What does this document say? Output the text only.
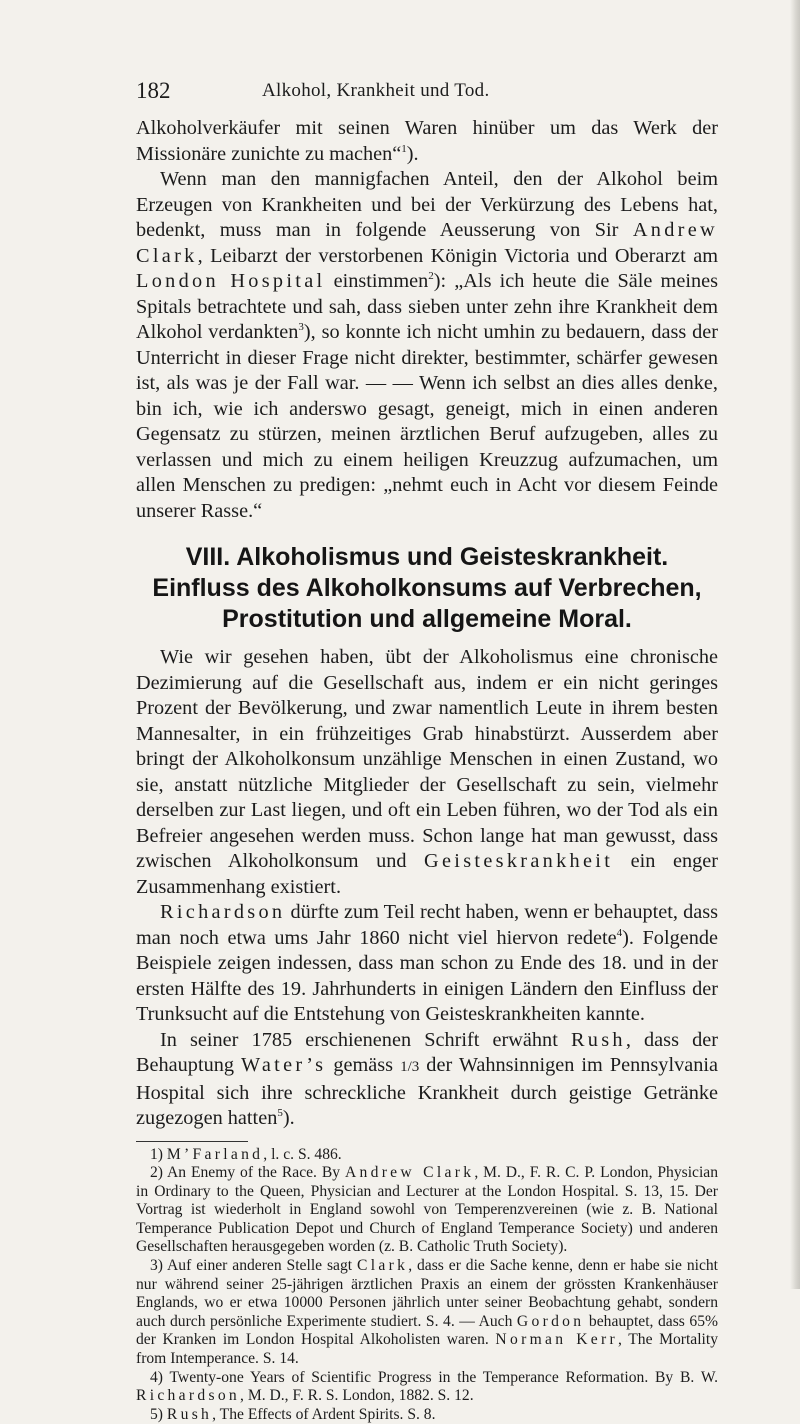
182	Alkohol, Krankheit und Tod.

Alkoholverkäufer mit seinen Waren hinüber um das Werk der Missionäre zunichte zu machen“$^1$).

Wenn man den mannigfachen Anteil, den der Alkohol beim Erzeugen von Krankheiten und bei der Verkürzung des Lebens hat, bedenkt, muss man in folgende Aeusserung von Sir Andrew Clark, Leibarzt der verstorbenen Königin Victoria und Oberarzt am London Hospital einstimmen$^2$): „Als ich heute die Säle meines Spitals betrachtete und sah, dass sieben unter zehn ihre Krankheit dem Alkohol verdankten$^3$), so konnte ich nicht umhin zu bedauern, dass der Unterricht in dieser Frage nicht direkter, bestimmter, schärfer gewesen ist, als was je der Fall war. — — Wenn ich selbst an dies alles denke, bin ich, wie ich anderswo gesagt, geneigt, mich in einen anderen Gegensatz zu stürzen, meinen ärztlichen Beruf aufzugeben, alles zu verlassen und mich zu einem heiligen Kreuzzug aufzumachen, um allen Menschen zu predigen: „nehmt euch in Acht vor diesem Feinde unserer Rasse.“

VIII. Alkoholismus und Geisteskrankheit. Einfluss des Alkoholkonsums auf Verbrechen, Prostitution und allgemeine Moral.

Wie wir gesehen haben, übt der Alkoholismus eine chronische Dezimierung auf die Gesellschaft aus, indem er ein nicht geringes Prozent der Bevölkerung, und zwar namentlich Leute in ihrem besten Mannesalter, in ein frühzeitiges Grab hinabstürzt. Ausserdem aber bringt der Alkoholkonsum unzählige Menschen in einen Zustand, wo sie, anstatt nützliche Mitglieder der Gesellschaft zu sein, vielmehr derselben zur Last liegen, und oft ein Leben führen, wo der Tod als ein Befreier angesehen werden muss. Schon lange hat man gewusst, dass zwischen Alkoholkonsum und Geisteskrankheit ein enger Zusammenhang existiert.

Richardson dürfte zum Teil recht haben, wenn er behauptet, dass man noch etwa ums Jahr 1860 nicht viel hiervon redete$^4$). Folgende Beispiele zeigen indessen, dass man schon zu Ende des 18. und in der ersten Hälfte des 19. Jahrhunderts in einigen Ländern den Einfluss der Trunksucht auf die Entstehung von Geisteskrankheiten kannte.

In seiner 1785 erschienenen Schrift erwähnt Rush, dass der Behauptung Water’s gemäss 1/3 der Wahnsinnigen im Pennsylvania Hospital sich ihre schreckliche Krankheit durch geistige Getränke zugezogen hatten$^5$).

1) M’Farland, l. c. S. 486.

2) An Enemy of the Race. By Andrew Clark, M. D., F. R. C. P. London, Physician in Ordinary to the Queen, Physician and Lecturer at the London Hospital. S. 13, 15. Der Vortrag ist wiederholt in England sowohl von Temperenzvereinen (wie z. B. National Temperance Publication Depot und Church of England Temperance Society) und anderen Gesellschaften herausgegeben worden (z. B. Catholic Truth Society).

3) Auf einer anderen Stelle sagt Clark, dass er die Sache kenne, denn er habe sie nicht nur während seiner 25-jährigen ärztlichen Praxis an einem der grössten Krankenhäuser Englands, wo er etwa 10000 Personen jährlich unter seiner Beobachtung gehabt, sondern auch durch persönliche Experimente studiert. S. 4. — Auch Gordon behauptet, dass 65% der Kranken im London Hospital Alkoholisten waren. Norman Kerr, The Mortality from Intemperance. S. 14.

4) Twenty-one Years of Scientific Progress in the Temperance Reformation. By B. W. Richardson, M. D., F. R. S. London, 1882. S. 12.

5) Rush, The Effects of Ardent Spirits. S. 8.
